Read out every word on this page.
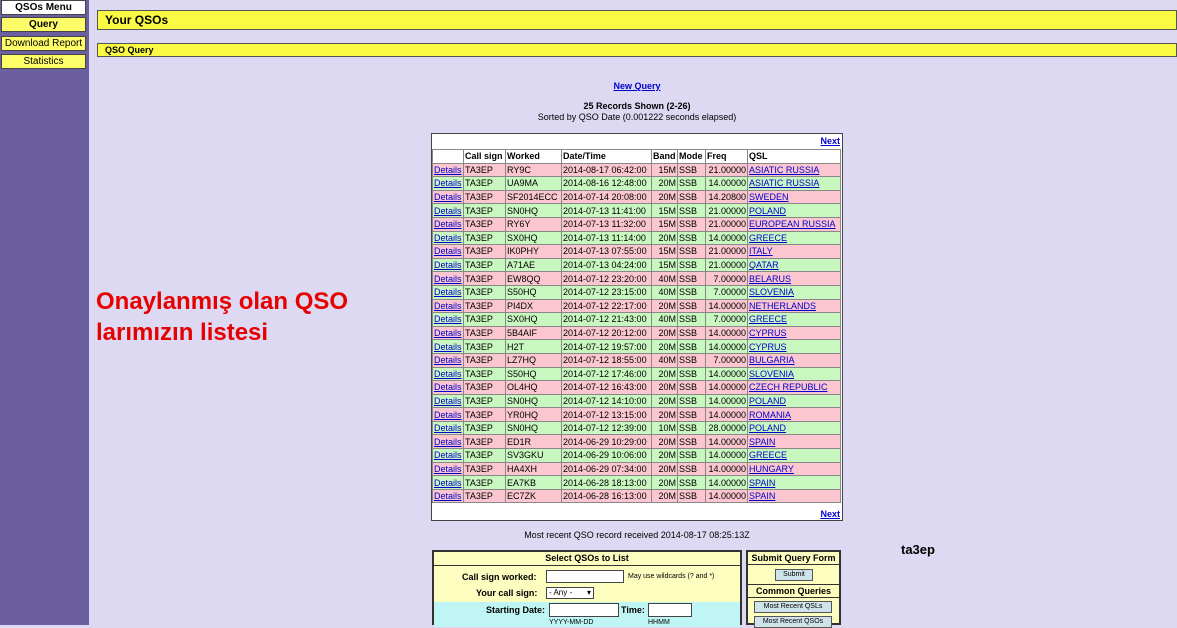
QSOs Menu
Query
Download Report
Statistics
Your QSOs
QSO Query
New Query
25 Records Shown (2-26)
Sorted by QSO Date (0.001222 seconds elapsed)
Next
	Call sign	Worked	Date/Time	Band	Mode	Freq	QSL
Details	TA3EP	RY9C	2014-08-17 06:42:00	15M	SSB	21.00000	ASIATIC RUSSIA
Details	TA3EP	UA9MA	2014-08-16 12:48:00	20M	SSB	14.00000	ASIATIC RUSSIA
Details	TA3EP	SF2014ECC	2014-07-14 20:08:00	20M	SSB	14.20800	SWEDEN
Details	TA3EP	SN0HQ	2014-07-13 11:41:00	15M	SSB	21.00000	POLAND
Details	TA3EP	RY6Y	2014-07-13 11:32:00	15M	SSB	21.00000	EUROPEAN RUSSIA
Details	TA3EP	SX0HQ	2014-07-13 11:14:00	20M	SSB	14.00000	GREECE
Details	TA3EP	IK0PHY	2014-07-13 07:55:00	15M	SSB	21.00000	ITALY
Details	TA3EP	A71AE	2014-07-13 04:24:00	15M	SSB	21.00000	QATAR
Details	TA3EP	EW8QQ	2014-07-12 23:20:00	40M	SSB	7.00000	BELARUS
Details	TA3EP	S50HQ	2014-07-12 23:15:00	40M	SSB	7.00000	SLOVENIA
Details	TA3EP	PI4DX	2014-07-12 22:17:00	20M	SSB	14.00000	NETHERLANDS
Details	TA3EP	SX0HQ	2014-07-12 21:43:00	40M	SSB	7.00000	GREECE
Details	TA3EP	5B4AIF	2014-07-12 20:12:00	20M	SSB	14.00000	CYPRUS
Details	TA3EP	H2T	2014-07-12 19:57:00	20M	SSB	14.00000	CYPRUS
Details	TA3EP	LZ7HQ	2014-07-12 18:55:00	40M	SSB	7.00000	BULGARIA
Details	TA3EP	S50HQ	2014-07-12 17:46:00	20M	SSB	14.00000	SLOVENIA
Details	TA3EP	OL4HQ	2014-07-12 16:43:00	20M	SSB	14.00000	CZECH REPUBLIC
Details	TA3EP	SN0HQ	2014-07-12 14:10:00	20M	SSB	14.00000	POLAND
Details	TA3EP	YR0HQ	2014-07-12 13:15:00	20M	SSB	14.00000	ROMANIA
Details	TA3EP	SN0HQ	2014-07-12 12:39:00	10M	SSB	28.00000	POLAND
Details	TA3EP	ED1R	2014-06-29 10:29:00	20M	SSB	14.00000	SPAIN
Details	TA3EP	SV3GKU	2014-06-29 10:06:00	20M	SSB	14.00000	GREECE
Details	TA3EP	HA4XH	2014-06-29 07:34:00	20M	SSB	14.00000	HUNGARY
Details	TA3EP	EA7KB	2014-06-28 18:13:00	20M	SSB	14.00000	SPAIN
Details	TA3EP	EC7ZK	2014-06-28 16:13:00	20M	SSB	14.00000	SPAIN
Next
Most recent QSO record received 2014-08-17 08:25:13Z
Onaylanmış olan QSO
larımızın listesi
ta3ep
Select QSOs to List
Call sign worked:	May use wildcards (? and *)
Your call sign:	- Any - ▾
Starting Date:	Time:
YYYY-MM-DD	HHMM
Submit Query Form
Submit
Common Queries
Most Recent QSLs
Most Recent QSOs
